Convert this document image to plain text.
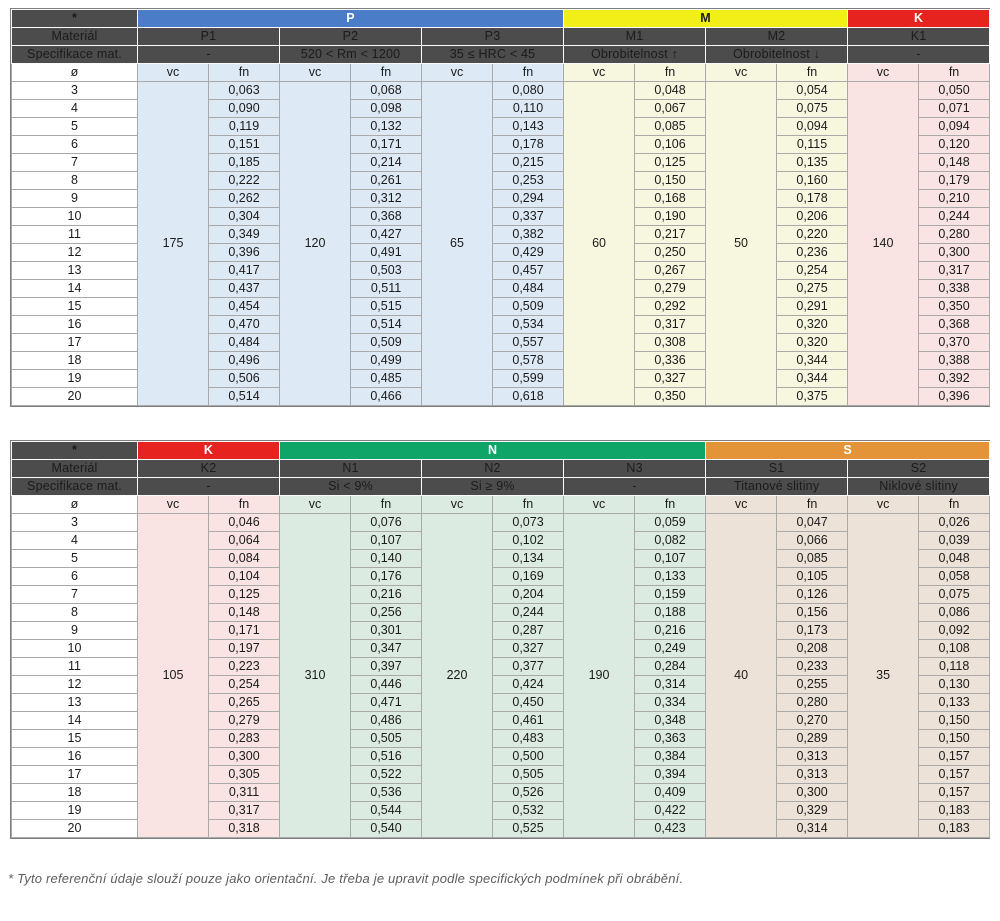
*	P						M				K	
Materiál	P1		P2		P3		M1		M2		K1	
Specifikace mat.	-		520 < Rm < 1200		35 ≤ HRC < 45		Obrobitelnost ↑		Obrobitelnost ↓		-	
ø	vc	fn	vc	fn	vc	fn	vc	fn	vc	fn	vc	fn
3	175	0,063	120	0,068	65	0,080	60	0,048	50	0,054	140	0,050
4		0,090		0,098		0,110		0,067		0,075		0,071
5		0,119		0,132		0,143		0,085		0,094		0,094
6		0,151		0,171		0,178		0,106		0,115		0,120
7		0,185		0,214		0,215		0,125		0,135		0,148
8		0,222		0,261		0,253		0,150		0,160		0,179
9		0,262		0,312		0,294		0,168		0,178		0,210
10		0,304		0,368		0,337		0,190		0,206		0,244
11		0,349		0,427		0,382		0,217		0,220		0,280
12		0,396		0,491		0,429		0,250		0,236		0,300
13		0,417		0,503		0,457		0,267		0,254		0,317
14		0,437		0,511		0,484		0,279		0,275		0,338
15		0,454		0,515		0,509		0,292		0,291		0,350
16		0,470		0,514		0,534		0,317		0,320		0,368
17		0,484		0,509		0,557		0,308		0,320		0,370
18		0,496		0,499		0,578		0,336		0,344		0,388
19		0,506		0,485		0,599		0,327		0,344		0,392
20		0,514		0,466		0,618		0,350		0,375		0,396
*	K		N						S			
Materiál	K2		N1		N2		N3		S1		S2	
Specifikace mat.	-		Si < 9%		Si ≥ 9%		-		Titanové slitiny		Niklové slitiny	
ø	vc	fn	vc	fn	vc	fn	vc	fn	vc	fn	vc	fn
3	105	0,046	310	0,076	220	0,073	190	0,059	40	0,047	35	0,026
4		0,064		0,107		0,102		0,082		0,066		0,039
5		0,084		0,140		0,134		0,107		0,085		0,048
6		0,104		0,176		0,169		0,133		0,105		0,058
7		0,125		0,216		0,204		0,159		0,126		0,075
8		0,148		0,256		0,244		0,188		0,156		0,086
9		0,171		0,301		0,287		0,216		0,173		0,092
10		0,197		0,347		0,327		0,249		0,208		0,108
11		0,223		0,397		0,377		0,284		0,233		0,118
12		0,254		0,446		0,424		0,314		0,255		0,130
13		0,265		0,471		0,450		0,334		0,280		0,133
14		0,279		0,486		0,461		0,348		0,270		0,150
15		0,283		0,505		0,483		0,363		0,289		0,150
16		0,300		0,516		0,500		0,384		0,313		0,157
17		0,305		0,522		0,505		0,394		0,313		0,157
18		0,311		0,536		0,526		0,409		0,300		0,157
19		0,317		0,544		0,532		0,422		0,329		0,183
20		0,318		0,540		0,525		0,423		0,314		0,183
* Tyto referenční údaje slouží pouze jako orientační. Je třeba je upravit podle specifických podmínek při obrábění.
